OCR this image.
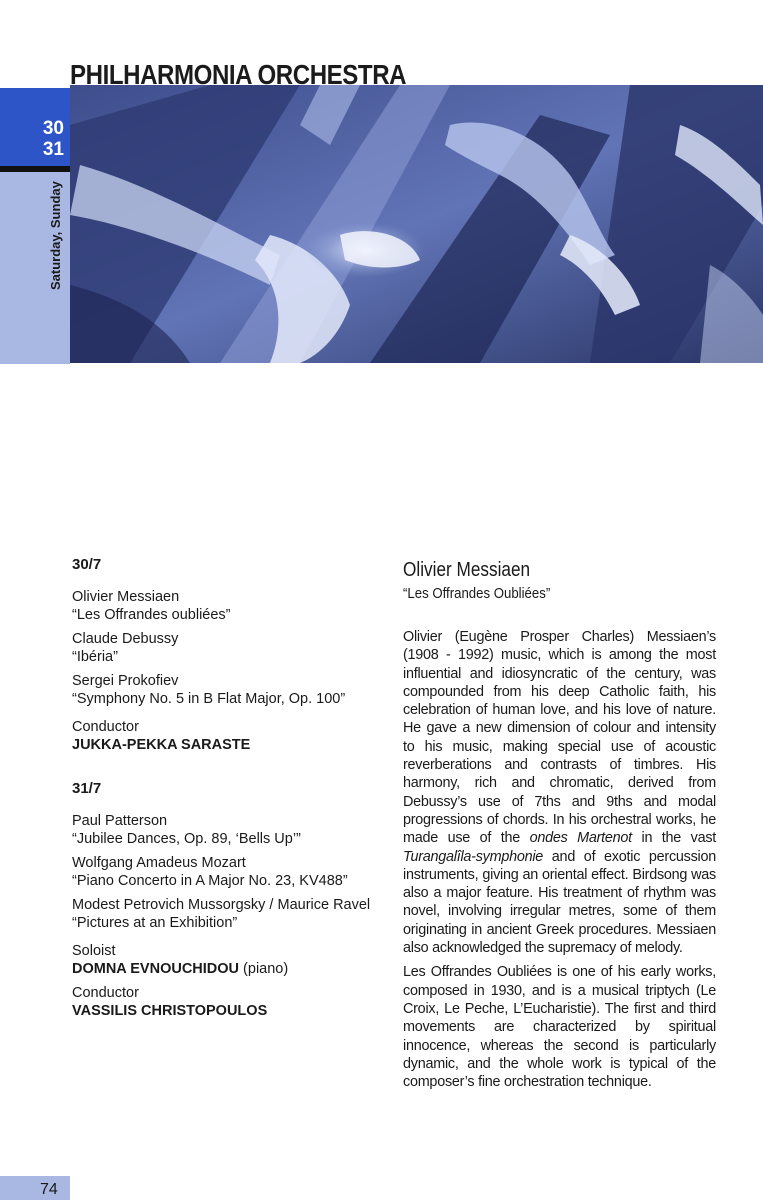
30
31
Saturday, Sunday
PHILHARMONIA ORCHESTRA
30/7
Olivier Messiaen
“Les Offrandes oubliées”
Claude Debussy
“Ibéria”
Sergei Prokofiev
“Symphony No. 5 in B Flat Major, Op. 100”
Conductor
JUKKA-PEKKA SARASTE
31/7
Paul Patterson
“Jubilee Dances, Op. 89, ‘Bells Up’”
Wolfgang Amadeus Mozart
“Piano Concerto in A Major No. 23, KV488”
Modest Petrovich Mussorgsky / Maurice Ravel
“Pictures at an Exhibition”
Soloist
DOMNA EVNOUCHIDOU (piano)
Conductor
VASSILIS CHRISTOPOULOS
Olivier Messiaen
“Les Offrandes Oubliées”

Olivier (Eugène Prosper Charles) Messiaen’s (1908 - 1992) music, which is among the most influential and idiosyncratic of the century, was compounded from his deep Catholic faith, his celebration of human love, and his love of nature. He gave a new dimension of colour and intensity to his music, making special use of acoustic reverberations and contrasts of timbres. His harmony, rich and chromatic, derived from Debussy’s use of 7ths and 9ths and modal progressions of chords. In his orchestral works, he made use of the ondes Martenot in the vast Turangalîla-symphonie and of exotic percussion instruments, giving an oriental effect. Birdsong was also a major feature. His treatment of rhythm was novel, involving irregular metres, some of them originating in ancient Greek procedures. Messiaen also acknowledged the supremacy of melody.

Les Offrandes Oubliées is one of his early works, composed in 1930, and is a musical triptych (Le Croix, Le Peche, L’Eucharistie). The first and third movements are characterized by spiritual innocence, whereas the second is particularly dynamic, and the whole work is typical of the composer’s fine orchestration technique.

74
